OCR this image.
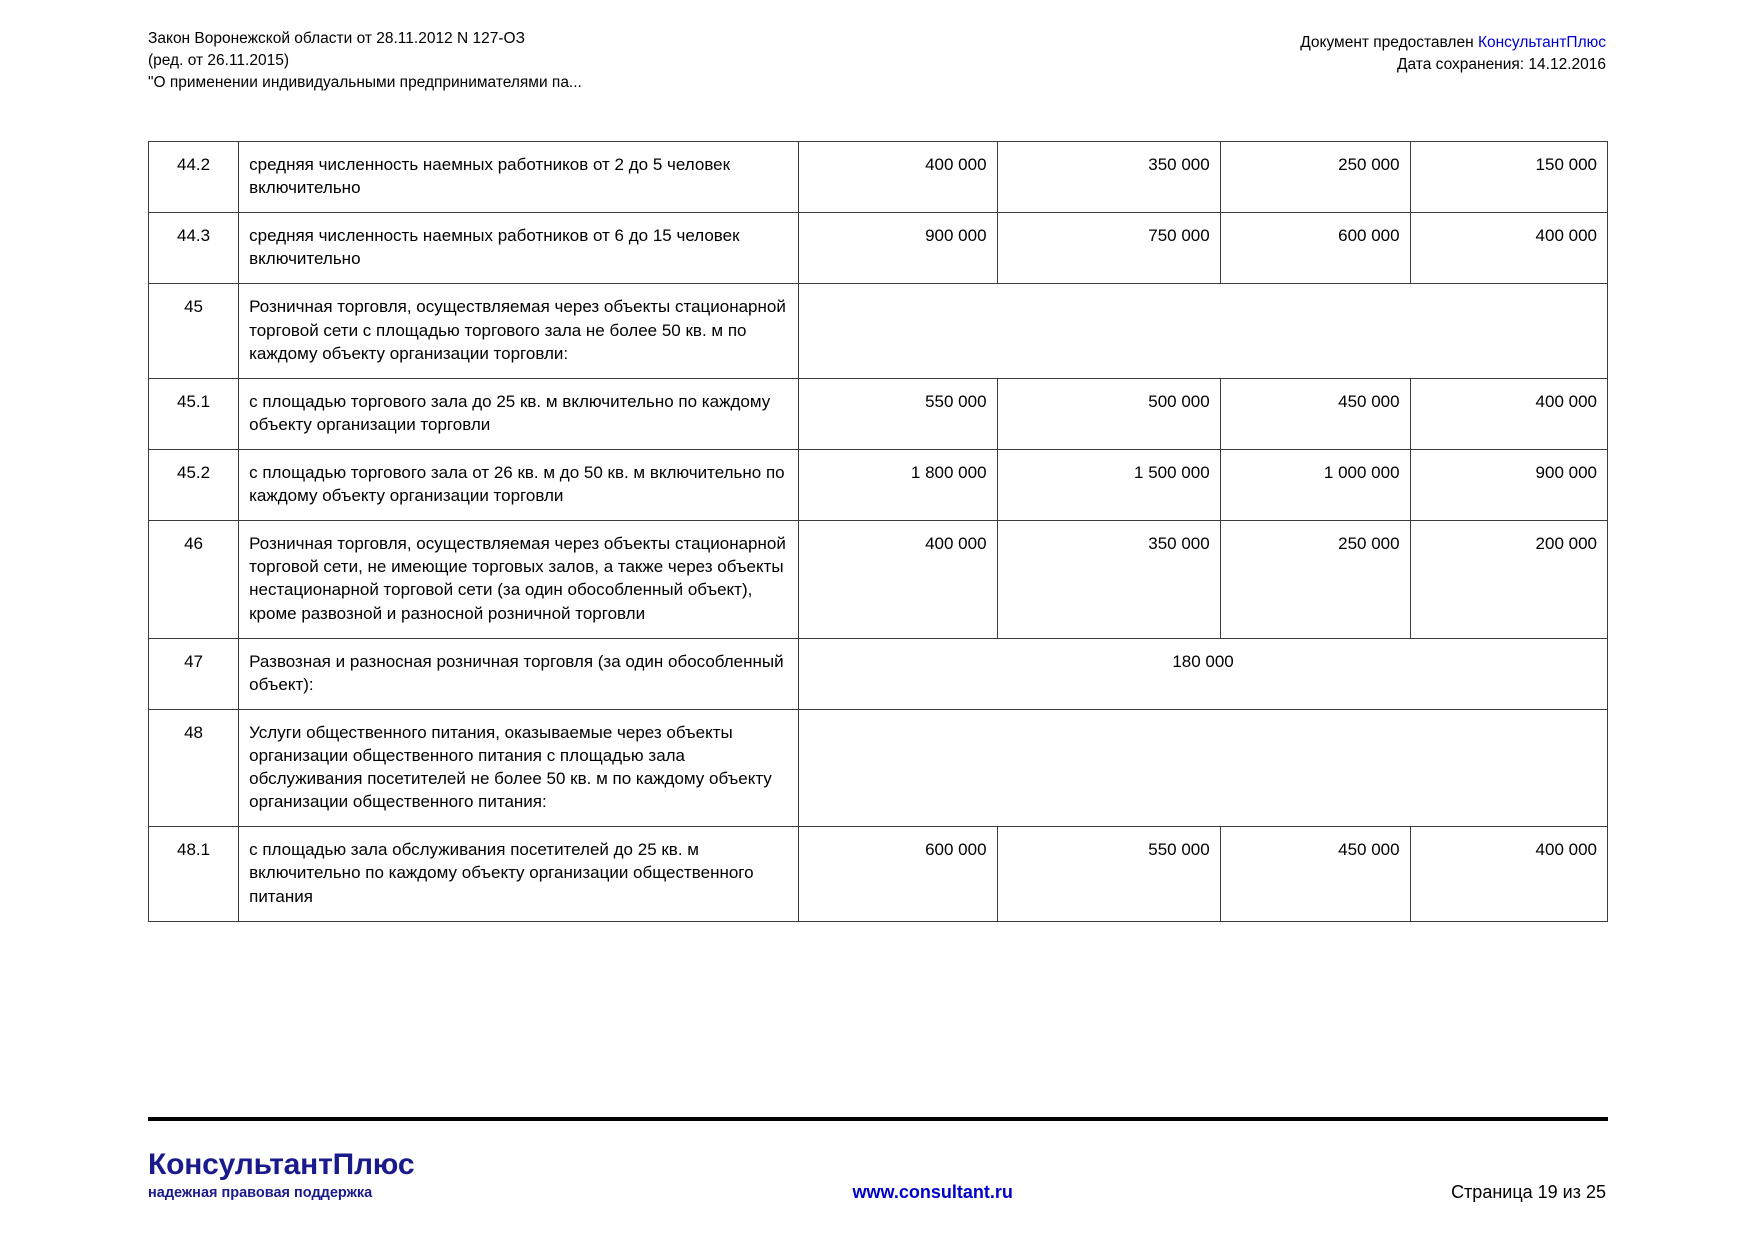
Закон Воронежской области от 28.11.2012 N 127-ОЗ
(ред. от 26.11.2015)
"О применении индивидуальными предпринимателями па...
Документ предоставлен КонсультантПлюс
Дата сохранения: 14.12.2016
44.2	средняя численность наемных работников от 2 до 5 человек включительно	400 000	350 000	250 000	150 000
44.3	средняя численность наемных работников от 6 до 15 человек включительно	900 000	750 000	600 000	400 000
45	Розничная торговля, осуществляемая через объекты стационарной торговой сети с площадью торгового зала не более 50 кв. м по каждому объекту организации торговли:				
45.1	с площадью торгового зала до 25 кв. м включительно по каждому объекту организации торговли	550 000	500 000	450 000	400 000
45.2	с площадью торгового зала от 26 кв. м до 50 кв. м включительно по каждому объекту организации торговли	1 800 000	1 500 000	1 000 000	900 000
46	Розничная торговля, осуществляемая через объекты стационарной торговой сети, не имеющие торговых залов, а также через объекты нестационарной торговой сети (за один обособленный объект), кроме развозной и разносной розничной торговли	400 000	350 000	250 000	200 000
47	Развозная и разносная розничная торговля (за один обособленный объект):	180 000			
48	Услуги общественного питания, оказываемые через объекты организации общественного питания с площадью зала обслуживания посетителей не более 50 кв. м по каждому объекту организации общественного питания:				
48.1	с площадью зала обслуживания посетителей до 25 кв. м включительно по каждому объекту организации общественного питания	600 000	550 000	450 000	400 000
КонсультантПлюс
надежная правовая поддержка	www.consultant.ru	Страница 19 из 25
